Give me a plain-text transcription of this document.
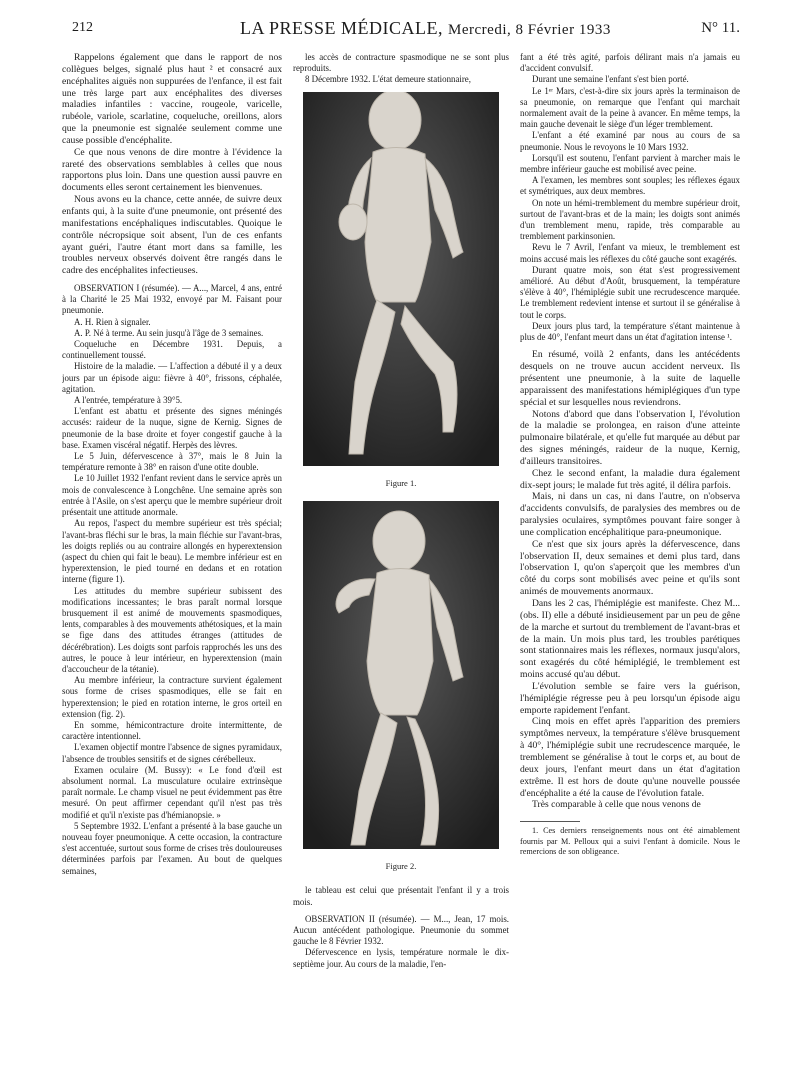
212	LA PRESSE MÉDICALE, Mercredi, 8 Février 1933	N° 11.

Rappelons également que dans le rapport de nos collègues belges, signalé plus haut ² et consacré aux encéphalites aiguës non suppurées de l'enfance, il est fait une très large part aux encéphalites des diverses maladies infantiles : vaccine, rougeole, varicelle, rubéole, variole, scarlatine, coqueluche, oreillons, alors que la pneumonie est signalée seulement comme une cause possible d'encéphalite.

Ce que nous venons de dire montre à l'évidence la rareté des observations semblables à celles que nous rapportons plus loin. Dans une question aussi pauvre en documents elles seront certainement les bienvenues.

Nous avons eu la chance, cette année, de suivre deux enfants qui, à la suite d'une pneumonie, ont présenté des manifestations encéphaliques indiscutables. Quoique le contrôle nécropsique soit absent, l'un de ces enfants ayant guéri, l'autre étant mort dans sa famille, les troubles nerveux observés doivent être rangés dans le cadre des encéphalites infectieuses.

OBSERVATION I (résumée). — A..., Marcel, 4 ans, entré à la Charité le 25 Mai 1932, envoyé par M. Faisant pour pneumonie.

A. H. Rien à signaler.

A. P. Né à terme. Au sein jusqu'à l'âge de 3 semaines.

Coqueluche en Décembre 1931. Depuis, a continuellement toussé.

Histoire de la maladie. — L'affection a débuté il y a deux jours par un épisode aigu: fièvre à 40°, frissons, céphalée, agitation.

A l'entrée, température à 39°5.

L'enfant est abattu et présente des signes méningés accusés: raideur de la nuque, signe de Kernig. Signes de pneumonie de la base droite et foyer congestif gauche à la base. Examen viscéral négatif. Herpès des lèvres.

Le 5 Juin, défervescence à 37°, mais le 8 Juin la température remonte à 38° en raison d'une otite double.

Le 10 Juillet 1932 l'enfant revient dans le service après un mois de convalescence à Longchêne. Une semaine après son entrée à l'Asile, on s'est aperçu que le membre supérieur droit présentait une attitude anormale.

Au repos, l'aspect du membre supérieur est très spécial; l'avant-bras fléchi sur le bras, la main fléchie sur l'avant-bras, les doigts repliés ou au contraire allongés en hyperextension (aspect du chien qui fait le beau). Le membre inférieur est en hyperextension, le pied tourné en dedans et en rotation interne (figure 1).

Les attitudes du membre supérieur subissent des modifications incessantes; le bras paraît normal lorsque brusquement il est animé de mouvements spasmodiques, lents, comparables à des mouvements athétosiques, et la main se fige dans des attitudes étranges (attitudes de décérébration). Les doigts sont parfois rapprochés les uns des autres, le pouce à leur intérieur, en hyperextension (main d'accoucheur de la tétanie).

Au membre inférieur, la contracture survient également sous forme de crises spasmodiques, elle se fait en hyperextension; le pied en rotation interne, le gros orteil en extension (fig. 2).

En somme, hémicontracture droite intermittente, de caractère intentionnel.

L'examen objectif montre l'absence de signes pyramidaux, l'absence de troubles sensitifs et de signes cérébelleux.

Examen oculaire (M. Bussy): « Le fond d'œil est absolument normal. La musculature oculaire extrinsèque paraît normale. Le champ visuel ne peut évidemment pas être mesuré. On peut affirmer cependant qu'il n'est pas très modifié et qu'il n'existe pas d'hémianopsie. »

5 Septembre 1932. L'enfant a présenté à la base gauche un nouveau foyer pneumonique. A cette occasion, la contracture s'est accentuée, surtout sous forme de crises très douloureuses déterminées parfois par l'examen. Au bout de quelques semaines,

les accès de contracture spasmodique ne se sont plus reproduits.

8 Décembre 1932. L'état demeure stationnaire,

Figure 1.
Figure 2.

le tableau est celui que présentait l'enfant il y a trois mois.

OBSERVATION II (résumée). — M..., Jean, 17 mois. Aucun antécédent pathologique. Pneumonie du sommet gauche le 8 Février 1932.

Défervescence en lysis, température normale le dix-septième jour. Au cours de la maladie, l'en-

fant a été très agité, parfois délirant mais n'a jamais eu d'accident convulsif.

Durant une semaine l'enfant s'est bien porté.

Le 1ᵉʳ Mars, c'est-à-dire six jours après la terminaison de sa pneumonie, on remarque que l'enfant qui marchait normalement avait de la peine à avancer. En même temps, la main gauche devenait le siège d'un léger tremblement.

L'enfant a été examiné par nous au cours de sa pneumonie. Nous le revoyons le 10 Mars 1932.

Lorsqu'il est soutenu, l'enfant parvient à marcher mais le membre inférieur gauche est mobilisé avec peine.

A l'examen, les membres sont souples; les réflexes égaux et symétriques, aux deux membres.

On note un hémi-tremblement du membre supérieur droit, surtout de l'avant-bras et de la main; les doigts sont animés d'un tremblement menu, rapide, très comparable au tremblement parkinsonien.

Revu le 7 Avril, l'enfant va mieux, le tremblement est moins accusé mais les réflexes du côté gauche sont exagérés.

Durant quatre mois, son état s'est progressivement amélioré. Au début d'Août, brusquement, la température s'élève à 40°, l'hémiplégie subit une recrudescence marquée. Le tremblement redevient intense et surtout il se généralise à tout le corps.

Deux jours plus tard, la température s'étant maintenue à plus de 40°, l'enfant meurt dans un état d'agitation intense ¹.

En résumé, voilà 2 enfants, dans les antécédents desquels on ne trouve aucun accident nerveux. Ils présentent une pneumonie, à la suite de laquelle apparaissent des manifestations hémiplégiques d'un type spécial et sur lesquelles nous reviendrons.

Notons d'abord que dans l'observation I, l'évolution de la maladie se prolongea, en raison d'une atteinte pulmonaire bilatérale, et qu'elle fut marquée au début par des signes méningés, raideur de la nuque, Kernig, d'ailleurs transitoires.

Chez le second enfant, la maladie dura également dix-sept jours; le malade fut très agité, il délira parfois.

Mais, ni dans un cas, ni dans l'autre, on n'observa d'accidents convulsifs, de paralysies des membres ou de paralysies oculaires, symptômes pouvant faire songer à une complication encéphalitique para-pneumonique.

Ce n'est que six jours après la défervescence, dans l'observation II, deux semaines et demi plus tard, dans l'observation I, qu'on s'aperçoit que les membres d'un côté du corps sont mobilisés avec peine et qu'ils sont animés de mouvements anormaux.

Dans les 2 cas, l'hémiplégie est manifeste. Chez M... (obs. II) elle a débuté insidieusement par un peu de gêne de la marche et surtout du tremblement de l'avant-bras et de la main. Un mois plus tard, les troubles parétiques sont stationnaires mais les réflexes, normaux jusqu'alors, sont exagérés du côté hémiplégié, le tremblement est moins accusé qu'au début.

L'évolution semble se faire vers la guérison, l'hémiplégie régresse peu à peu lorsqu'un épisode aigu emporte rapidement l'enfant.

Cinq mois en effet après l'apparition des premiers symptômes nerveux, la température s'élève brusquement à 40°, l'hémiplégie subit une recrudescence marquée, le tremblement se généralise à tout le corps et, au bout de deux jours, l'enfant meurt dans un état d'agitation extrême. Il est hors de doute qu'une nouvelle poussée d'encéphalite a été la cause de l'évolution fatale.

Très comparable à celle que nous venons de

1. Ces derniers renseignements nous ont été aimablement fournis par M. Pelloux qui a suivi l'enfant à domicile. Nous le remercions de son obligeance.
